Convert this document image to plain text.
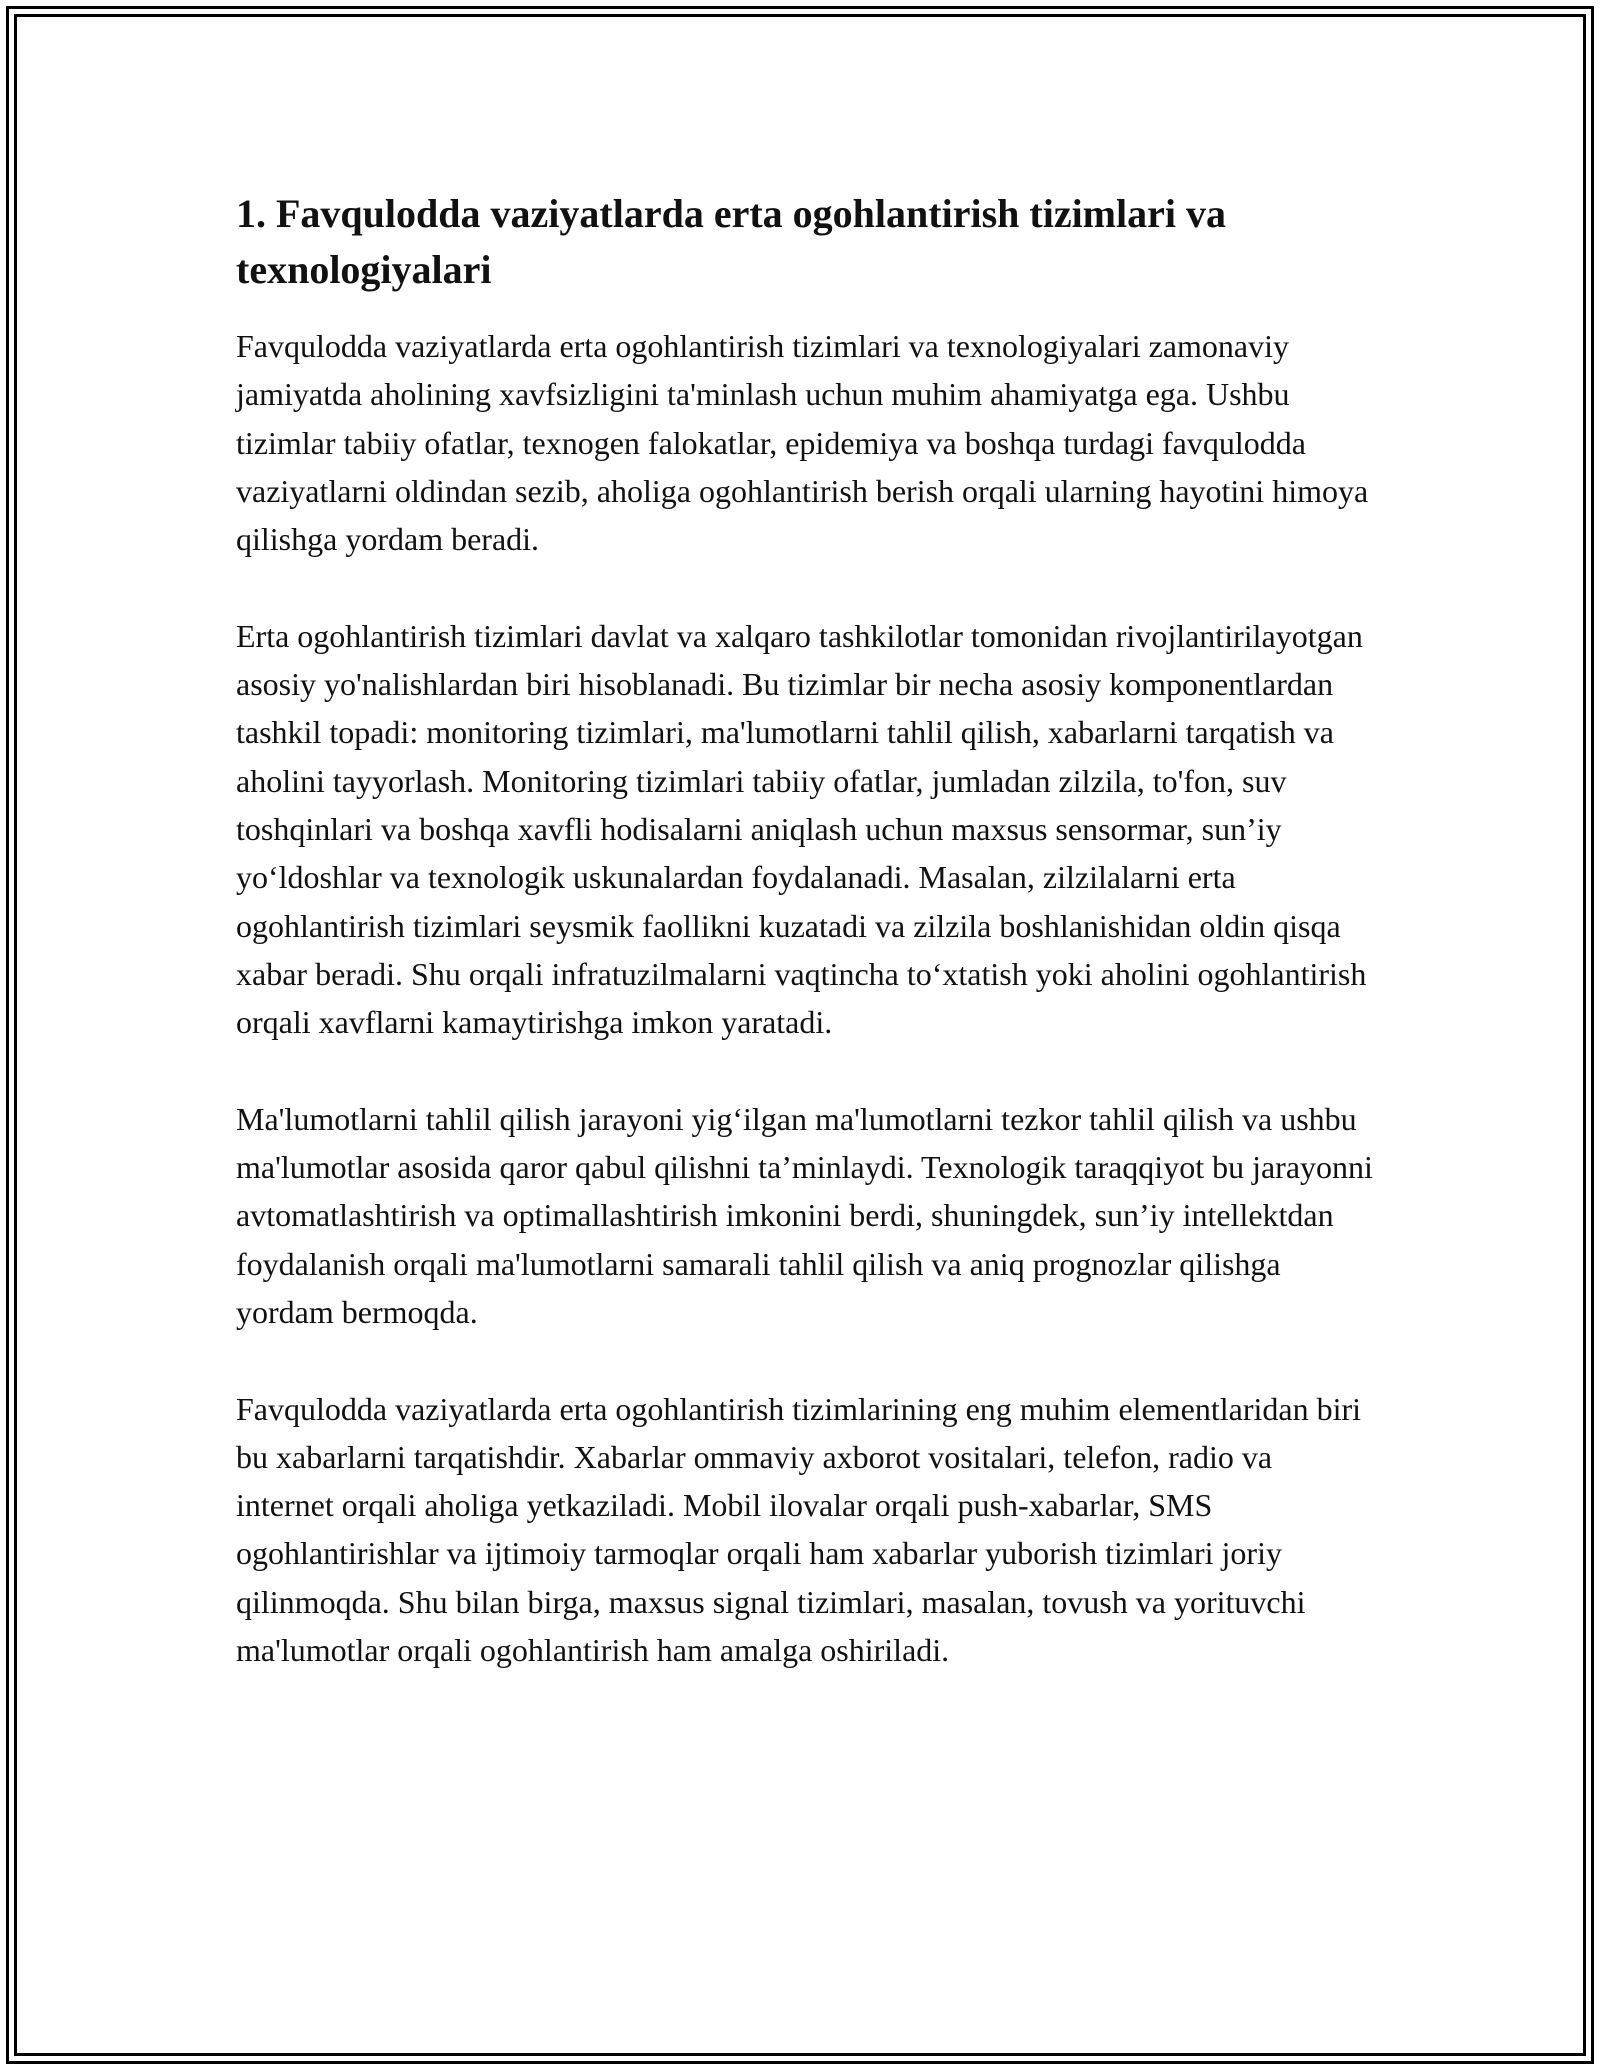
1. Favqulodda vaziyatlarda erta ogohlantirish tizimlari va texnologiyalari

Favqulodda vaziyatlarda erta ogohlantirish tizimlari va texnologiyalari zamonaviy jamiyatda aholining xavfsizligini ta'minlash uchun muhim ahamiyatga ega. Ushbu tizimlar tabiiy ofatlar, texnogen falokatlar, epidemiya va boshqa turdagi favqulodda vaziyatlarni oldindan sezib, aholiga ogohlantirish berish orqali ularning hayotini himoya qilishga yordam beradi.

Erta ogohlantirish tizimlari davlat va xalqaro tashkilotlar tomonidan rivojlantirilayotgan asosiy yo'nalishlardan biri hisoblanadi. Bu tizimlar bir necha asosiy komponentlardan tashkil topadi: monitoring tizimlari, ma'lumotlarni tahlil qilish, xabarlarni tarqatish va aholini tayyorlash. Monitoring tizimlari tabiiy ofatlar, jumladan zilzila, to'fon, suv toshqinlari va boshqa xavfli hodisalarni aniqlash uchun maxsus sensormar, sun’iy yo‘ldoshlar va texnologik uskunalardan foydalanadi. Masalan, zilzilalarni erta ogohlantirish tizimlari seysmik faollikni kuzatadi va zilzila boshlanishidan oldin qisqa xabar beradi. Shu orqali infratuzilmalarni vaqtincha to‘xtatish yoki aholini ogohlantirish orqali xavflarni kamaytirishga imkon yaratadi.

Ma'lumotlarni tahlil qilish jarayoni yig‘ilgan ma'lumotlarni tezkor tahlil qilish va ushbu ma'lumotlar asosida qaror qabul qilishni ta’minlaydi. Texnologik taraqqiyot bu jarayonni avtomatlashtirish va optimallashtirish imkonini berdi, shuningdek, sun’iy intellektdan foydalanish orqali ma'lumotlarni samarali tahlil qilish va aniq prognozlar qilishga yordam bermoqda.

Favqulodda vaziyatlarda erta ogohlantirish tizimlarining eng muhim elementlaridan biri bu xabarlarni tarqatishdir. Xabarlar ommaviy axborot vositalari, telefon, radio va internet orqali aholiga yetkaziladi. Mobil ilovalar orqali push-xabarlar, SMS ogohlantirishlar va ijtimoiy tarmoqlar orqali ham xabarlar yuborish tizimlari joriy qilinmoqda. Shu bilan birga, maxsus signal tizimlari, masalan, tovush va yorituvchi ma'lumotlar orqali ogohlantirish ham amalga oshiriladi.
